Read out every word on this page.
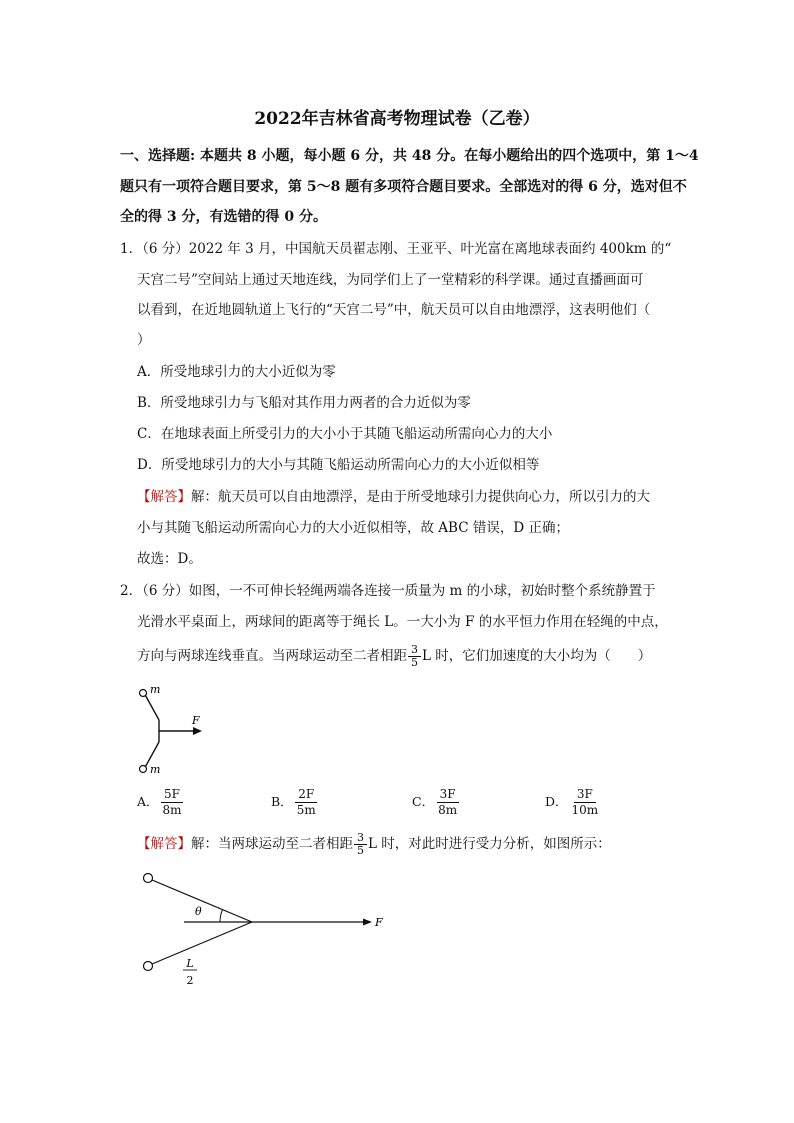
2022年吉林省高考物理试卷（乙卷）
一、选择题: 本题共 8 小题，每小题 6 分，共 48 分。在每小题给出的四个选项中，第 1～4
题只有一项符合题目要求，第 5～8 题有多项符合题目要求。全部选对的得 6 分，选对但不
全的得 3 分，有选错的得 0 分。
1．（6 分）2022 年 3 月，中国航天员翟志刚、王亚平、叶光富在离地球表面约 400km 的“
天宫二号”空间站上通过天地连线，为同学们上了一堂精彩的科学课。通过直播画面可
以看到，在近地圆轨道上飞行的“天宫二号”中，航天员可以自由地漂浮，这表明他们（
）
A．所受地球引力的大小近似为零
B．所受地球引力与飞船对其作用力两者的合力近似为零
C．在地球表面上所受引力的大小小于其随飞船运动所需向心力的大小
D．所受地球引力的大小与其随飞船运动所需向心力的大小近似相等
【解答】解：航天员可以自由地漂浮，是由于所受地球引力提供向心力，所以引力的大
小与其随飞船运动所需向心力的大小近似相等，故 ABC 错误，D 正确；
故选：D。
2．（6 分）如图，一不可伸长轻绳两端各连接一质量为 m 的小球，初始时整个系统静置于
光滑水平桌面上，两球间的距离等于绳长 L。一大小为 F 的水平恒力作用在轻绳的中点，
方向与两球连线垂直。当两球运动至二者相距 $\frac{3}{5}$ L 时，它们加速度的大小均为（　　）
m
m
F
A． $\frac{5F}{8m}$	B． $\frac{2F}{5m}$	C． $\frac{3F}{8m}$	D． $\frac{3F}{10m}$
【解答】解：当两球运动至二者相距 $\frac{3}{5}$ L 时，对此时进行受力分析，如图所示：
θ
F
L
2
